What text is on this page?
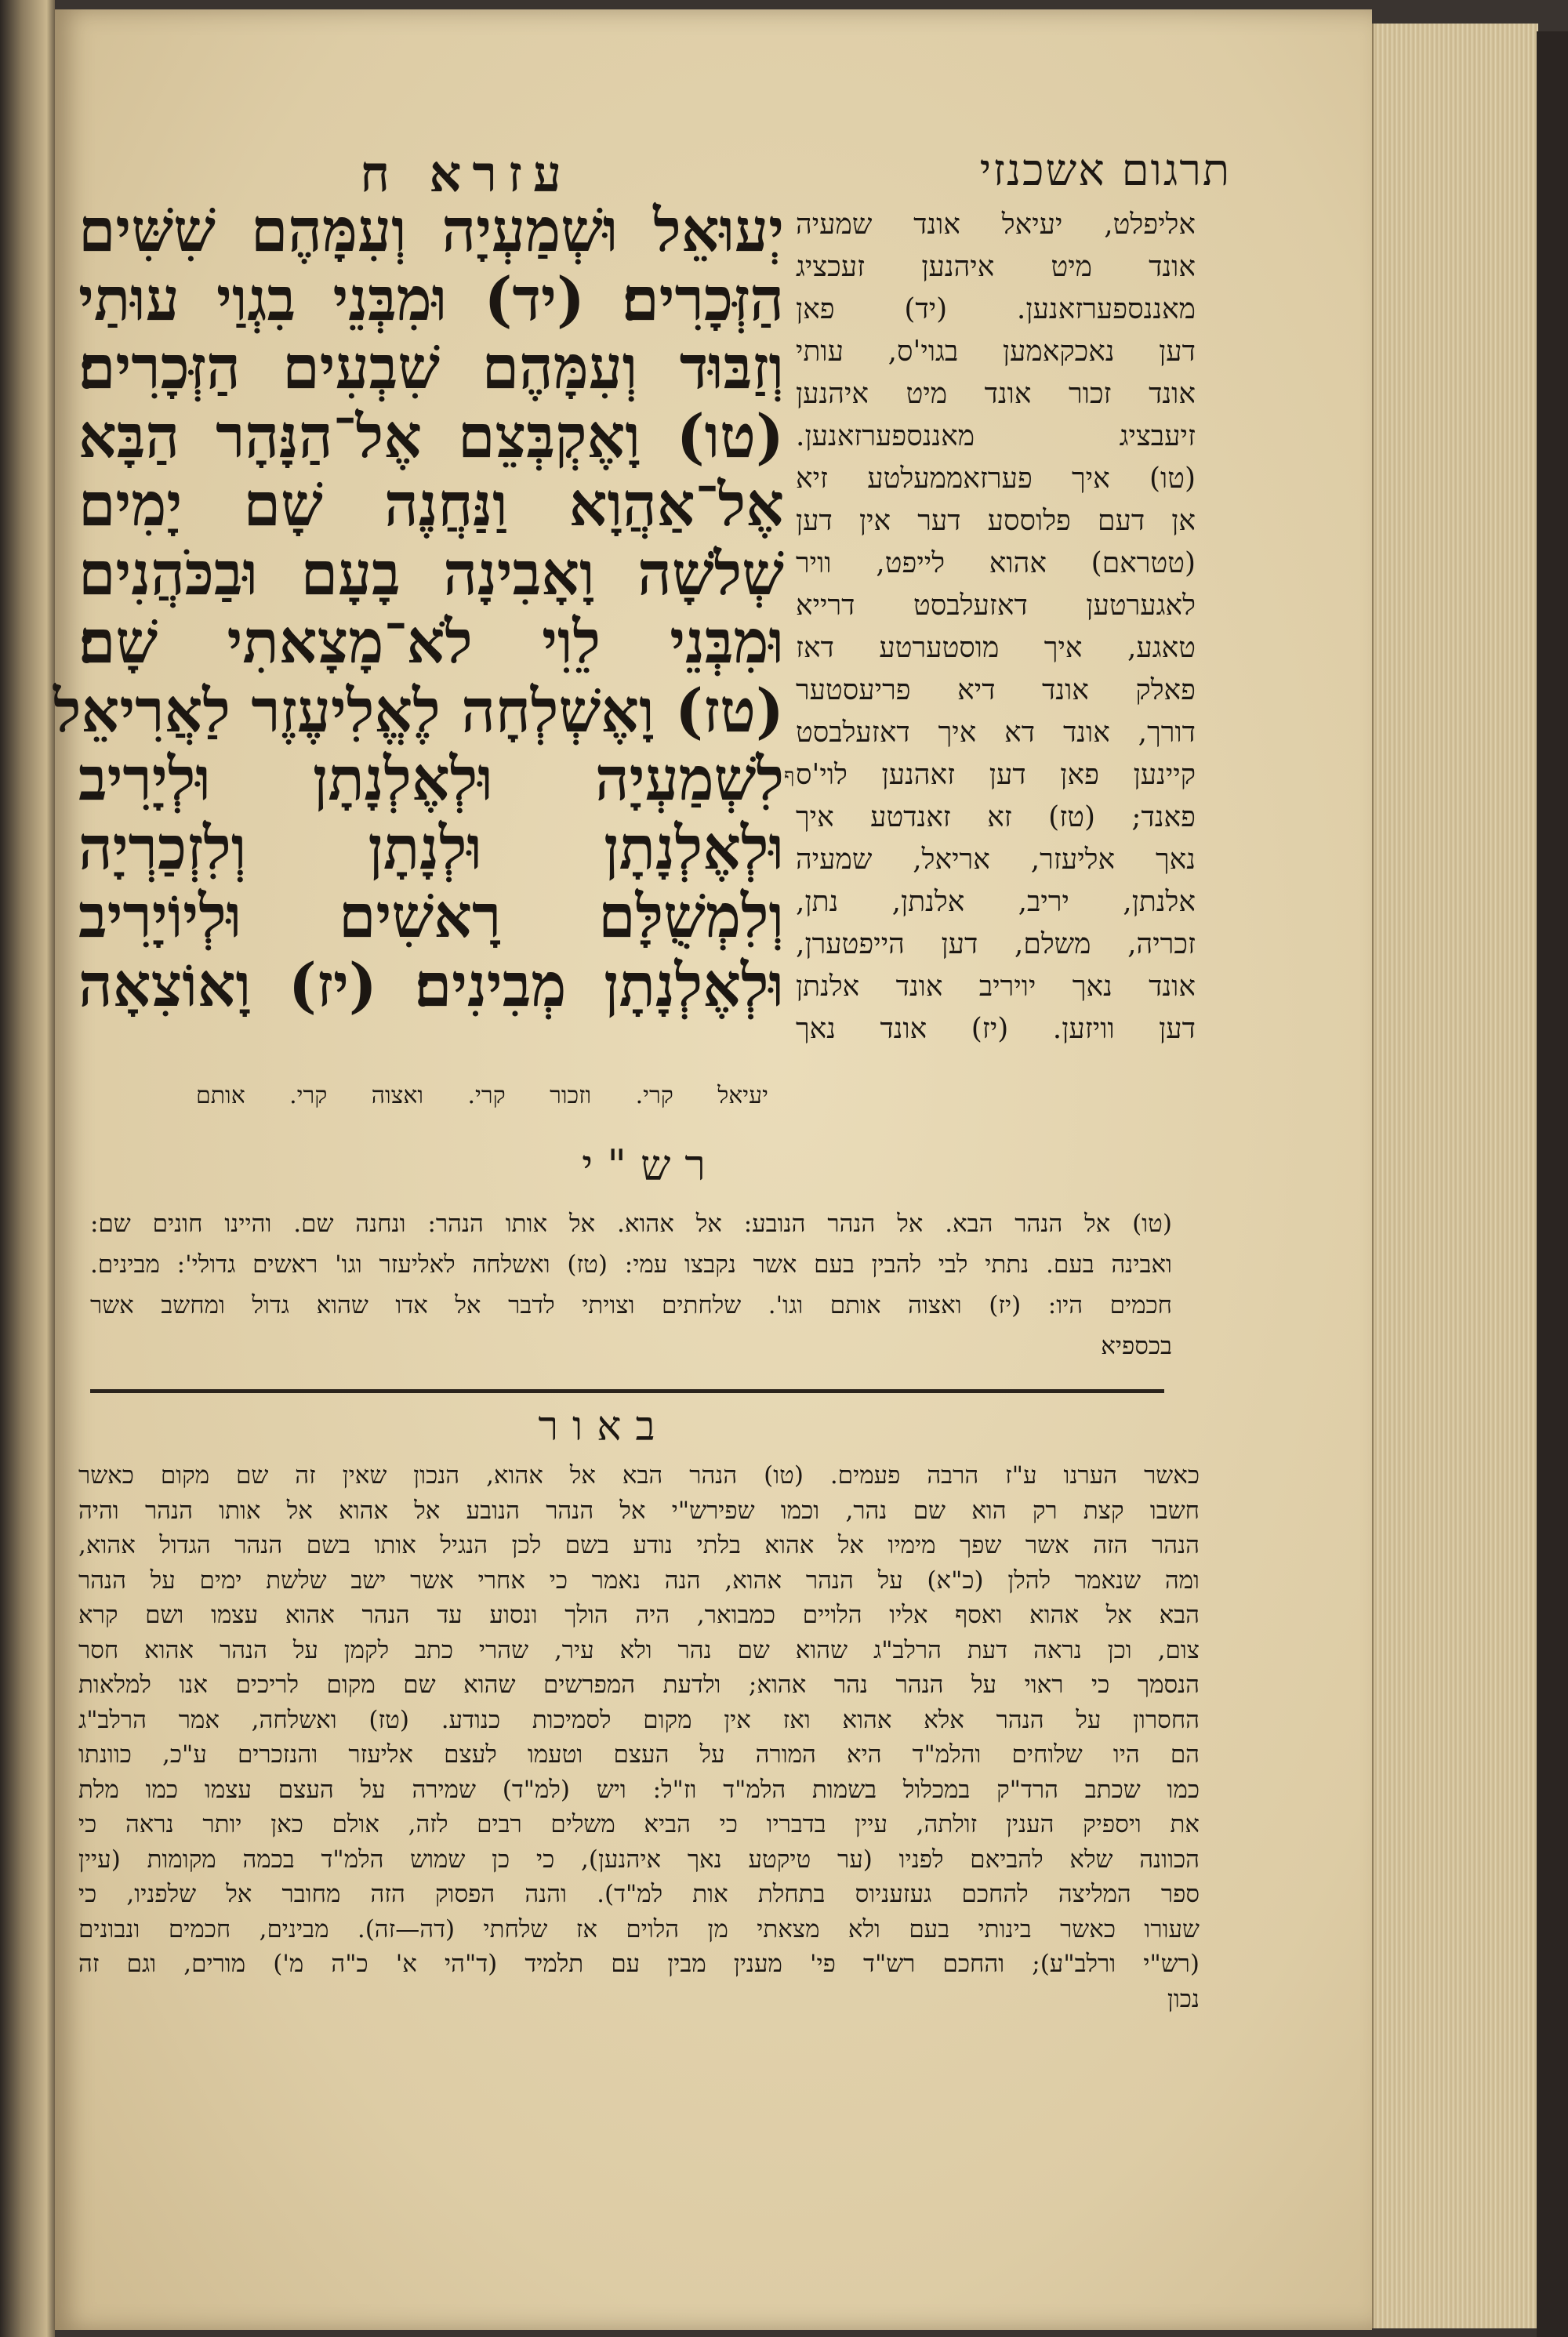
תרגום אשכנזי
עזרא ח
יְעוּאֵל וּשְׁמַעְיָה וְעִמָּהֶם שִׁשִּׁים
הַזְּכָרִים׃ (יד) וּמִבְּנֵי בִגְוַי עוּתַי
וְזַבּוּד וְעִמָּהֶם שִׁבְעִים הַזְּכָרִים׃
(טו) וָאֶקְבְּצֵם אֶל־הַנָּהָר הַבָּא
אֶל־אַהֲוָא וַנַּחֲנֶה שָׁם יָמִים
שְׁלֹשָׁה וָאָבִינָה בָעָם וּבַכֹּהֲנִים
וּמִבְּנֵי לֵוִי לֹא־מָצָאתִי שָׁם׃
(טז) וָאֶשְׁלְחָה לֶאֱלִיעֶזֶר לַאֲרִיאֵל
לִשְׁמַעְיָה וּלְאֶלְנָתָן וּלְיָרִיב
וּלְאֶלְנָתָן וּלְנָתָן וְלִזְכַרְיָה
וְלִמְשֻׁלָּם רָאשִׁים וּלְיוֹיָרִיב
וּלְאֶלְנָתָן מְבִינִים׃ (יז) וָאוֹצִאָה
יעיאל קרי. וזכור קרי. ואצוה קרי. אותם
ף
אליפלט, יעיאל אונד שמעיה
אונד מיט איהנען זעכציג
מאננספערזאנען. (יד) פאן
דען נאכקאמען בגוי'ס, עותי
אונד זכור אונד מיט איהנען
זיעבציג מאננספערזאנען.
(טו) איך פערזאממעלטע זיא
אן דעם פלוססע דער אין דען
(טטראם) אהוא לייפט, וויר
לאגערטען דאזעלבסט דרייא
טאגע, איך מוסטערטע דאז
פאלק אונד דיא פריעסטער
דורך, אונד דא איך דאזעלבסט
קיינען פאן דען זאהנען לוי'ס
פאנד; (טז) זא זאנדטע איך
נאך אליעזר, אריאל, שמעיה
אלנתן, יריב, אלנתן, נתן,
זכריה, משלם, דען הייפטערן,
אונד נאך יויריב אונד אלנתן
דען וויזען. (יז) אונד נאך
רש"י
(טו) אל הנהר הבא. אל הנהר הנובע: אל אהוא. אל אותו הנהר: ונחנה שם. והיינו חונים שם:
ואבינה בעם. נתתי לבי להבין בעם אשר נקבצו עמי: (טז) ואשלחה לאליעזר וגו' ראשים גדולי': מבינים.
חכמים היו: (יז) ואצוה אותם וגו'. שלחתים וצויתי לדבר אל אדו שהוא גדול ומחשב אשר
בכספיא
באור
כאשר הערנו ע"ז הרבה פעמים. (טו) הנהר הבא אל אהוא, הנכון שאין זה שם מקום כאשר
חשבו קצת רק הוא שם נהר, וכמו שפירש"י אל הנהר הנובע אל אהוא אל אותו הנהר והיה
הנהר הזה אשר שפך מימיו אל אהוא בלתי נודע בשם לכן הנגיל אותו בשם הנהר הגדול אהוא,
ומה שנאמר להלן (כ"א) על הנהר אהוא, הנה נאמר כי אחרי אשר ישב שלשת ימים על הנהר
הבא אל אהוא ואסף אליו הלויים כמבואר, היה הולך ונסוע עד הנהר אהוא עצמו ושם קרא
צום, וכן נראה דעת הרלב"ג שהוא שם נהר ולא עיר, שהרי כתב לקמן על הנהר אהוא חסר
הנסמך כי ראוי על הנהר נהר אהוא; ולדעת המפרשים שהוא שם מקום לריכים אנו למלאות
החסרון על הנהר אלא אהוא ואז אין מקום לסמיכות כנודע. (טז) ואשלחה, אמר הרלב"ג
הם היו שלוחים והלמ"ד היא המורה על העצם וטעמו לעצם אליעזר והנזכרים ע"כ, כוונתו
כמו שכתב הרד"ק במכלול בשמות הלמ"ד וז"ל: ויש (למ"ד) שמירה על העצם עצמו כמו מלת
את ויספיק הענין זולתה, עיין בדבריו כי הביא משלים רבים לזה, אולם כאן יותר נראה כי
הכוונה שלא להביאם לפניו (ער טיקטע נאך איהנען), כי כן שמוש הלמ"ד בכמה מקומות (עיין
ספר המליצה להחכם געזעניוס בתחלת אות למ"ד). והנה הפסוק הזה מחובר אל שלפניו, כי
שעורו כאשר בינותי בעם ולא מצאתי מן הלוים אז שלחתי (דה—זה). מבינים, חכמים ונבונים
(רש"י ורלב"ע); והחכם רש"ד פי' מענין מבין עם תלמיד (ד"הי א' כ"ה מ') מורים, וגם זה
נכון
